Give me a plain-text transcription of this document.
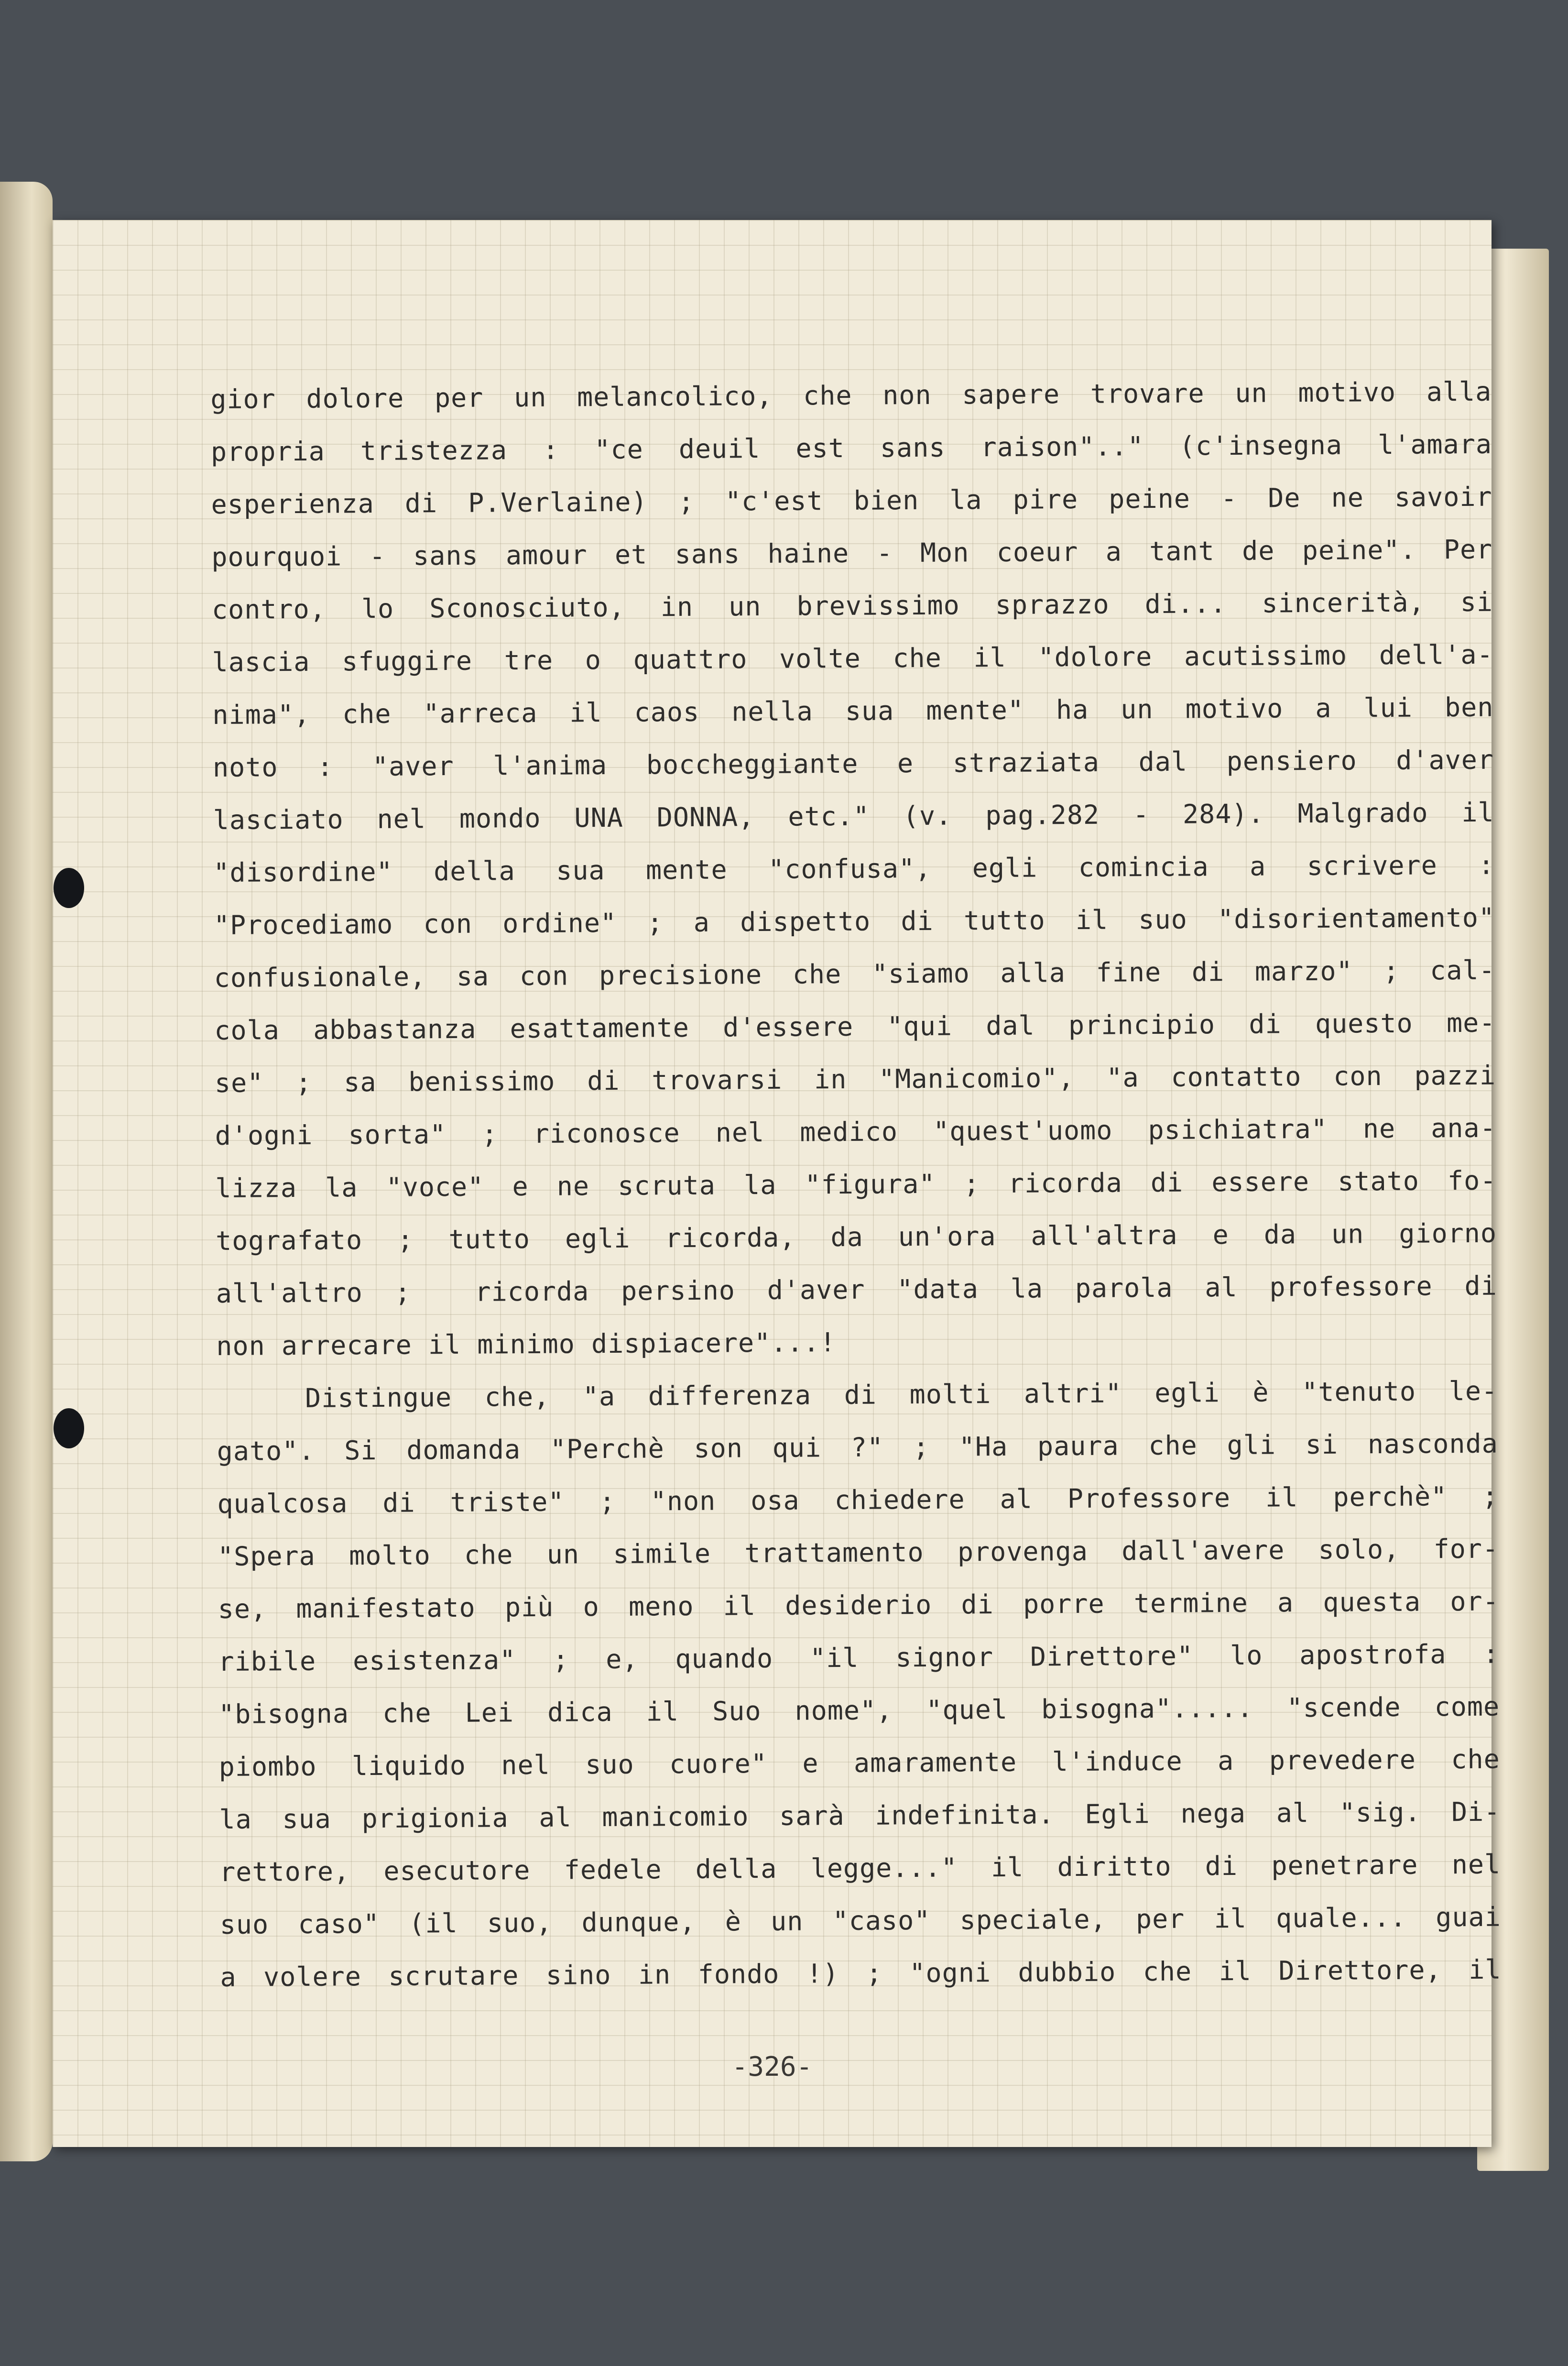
gior dolore per un melancolico, che non sapere trovare un motivo alla
propria tristezza : "ce deuil est sans raison".." (c'insegna l'amara
esperienza di P.Verlaine) ; "c'est bien la pire peine - De ne savoir
pourquoi - sans amour et sans haine - Mon coeur a tant de peine". Per
contro, lo Sconosciuto, in un brevissimo sprazzo di... sincerità, si
lascia sfuggire tre o quattro volte che il "dolore acutissimo dell'a-
nima", che "arreca il caos nella sua mente" ha un motivo a lui ben
noto : "aver l'anima boccheggiante e straziata dal pensiero d'aver
lasciato nel mondo UNA DONNA, etc." (v. pag.282 - 284). Malgrado il
"disordine" della sua mente "confusa", egli comincia a scrivere :
"Procediamo con ordine" ; a dispetto di tutto il suo "disorientamento"
confusionale, sa con precisione che "siamo alla fine di marzo" ; cal-
cola abbastanza esattamente d'essere "qui dal principio di questo me-
se" ; sa benissimo di trovarsi in "Manicomio", "a contatto con pazzi
d'ogni sorta" ; riconosce nel medico "quest'uomo psichiatra" ne ana-
lizza la "voce" e ne scruta la "figura" ; ricorda di essere stato fo-
tografato ; tutto egli ricorda, da un'ora all'altra e da un giorno
all'altro ;  ricorda persino d'aver "data la parola al professore di
non arrecare il minimo dispiacere"...!
Distingue che, "a differenza di molti altri" egli è "tenuto le-
gato". Si domanda "Perchè son qui ?" ; "Ha paura che gli si nasconda
qualcosa di triste" ; "non osa chiedere al Professore il perchè" ;
"Spera molto che un simile trattamento provenga dall'avere solo, for-
se, manifestato più o meno il desiderio di porre termine a questa or-
ribile esistenza" ; e, quando "il signor Direttore" lo apostrofa :
"bisogna che Lei dica il Suo nome", "quel bisogna"..... "scende come
piombo liquido nel suo cuore" e amaramente l'induce a prevedere che
la sua prigionia al manicomio sarà indefinita. Egli nega al "sig. Di-
rettore, esecutore fedele della legge..." il diritto di penetrare nel
suo caso" (il suo, dunque, è un "caso" speciale, per il quale... guai
a volere scrutare sino in fondo !) ; "ogni dubbio che il Direttore, il
-326-
